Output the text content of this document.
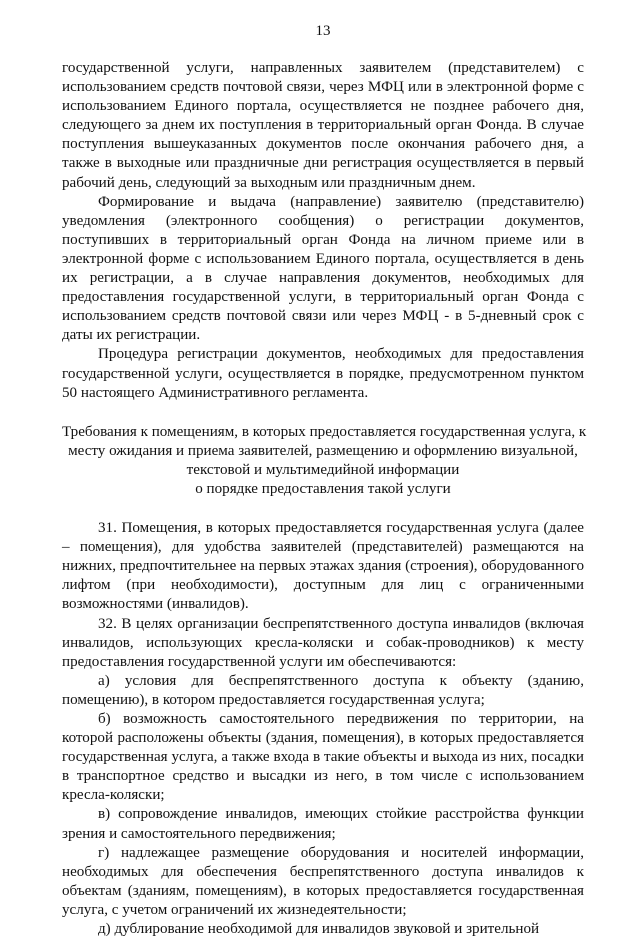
13

государственной услуги, направленных заявителем (представителем) с использованием средств почтовой связи, через МФЦ или в электронной форме с использованием Единого портала, осуществляется не позднее рабочего дня, следующего за днем их поступления в территориальный орган Фонда. В случае поступления вышеуказанных документов после окончания рабочего дня, а также в выходные или праздничные дни регистрация осуществляется в первый рабочий день, следующий за выходным или праздничным днем.

Формирование и выдача (направление) заявителю (представителю) уведомления (электронного сообщения) о регистрации документов, поступивших в территориальный орган Фонда на личном приеме или в электронной форме с использованием Единого портала, осуществляется в день их регистрации, а в случае направления документов, необходимых для предоставления государственной услуги, в территориальный орган Фонда с использованием средств почтовой связи или через МФЦ - в 5-дневный срок с даты их регистрации.

Процедура регистрации документов, необходимых для предоставления государственной услуги, осуществляется в порядке, предусмотренном пунктом 50 настоящего Административного регламента.

Требования к помещениям, в которых предоставляется государственная услуга, к
месту ожидания и приема заявителей, размещению и оформлению визуальной,
текстовой и мультимедийной информации
о порядке предоставления такой услуги

31. Помещения, в которых предоставляется государственная услуга (далее – помещения), для удобства заявителей (представителей) размещаются на нижних, предпочтительнее на первых этажах здания (строения), оборудованного лифтом (при необходимости), доступным для лиц с ограниченными возможностями (инвалидов).

32. В целях организации беспрепятственного доступа инвалидов (включая инвалидов, использующих кресла-коляски и собак-проводников) к месту предоставления государственной услуги им обеспечиваются:

а) условия для беспрепятственного доступа к объекту (зданию, помещению), в котором предоставляется государственная услуга;

б) возможность самостоятельного передвижения по территории, на которой расположены объекты (здания, помещения), в которых предоставляется государственная услуга, а также входа в такие объекты и выхода из них, посадки в транспортное средство и высадки из него, в том числе с использованием кресла-коляски;

в) сопровождение инвалидов, имеющих стойкие расстройства функции зрения и самостоятельного передвижения;

г) надлежащее размещение оборудования и носителей информации, необходимых для обеспечения беспрепятственного доступа инвалидов к объектам (зданиям, помещениям), в которых предоставляется государственная услуга, с учетом ограничений их жизнедеятельности;

д) дублирование необходимой для инвалидов звуковой и зрительной
